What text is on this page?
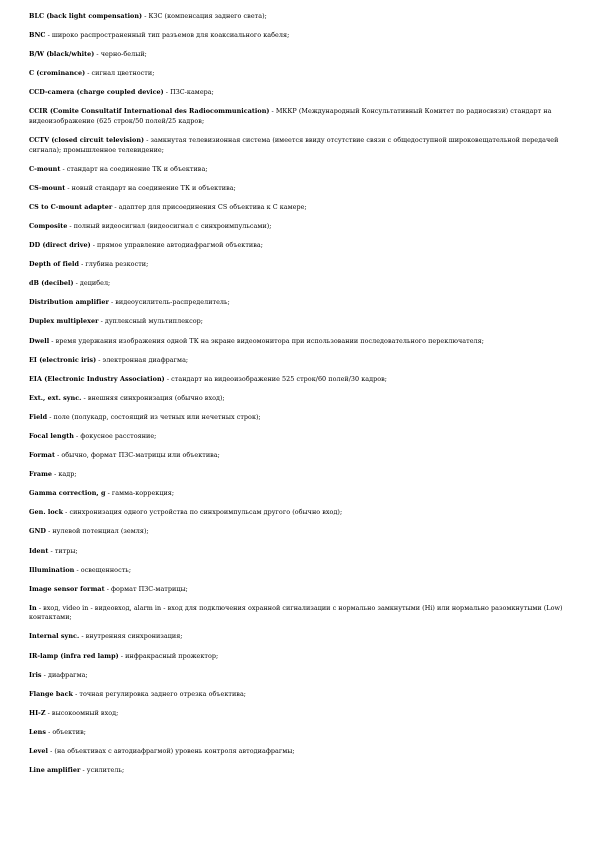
BLC (back light compensation) - КЗС (компенсация заднего света);

BNC - широко распространенный тип разъемов для коаксиального кабеля;

B/W (black/white) - черно-белый;

C (crominance) - сигнал цветности;

CCD-camera (charge coupled device) - ПЗС-камера;

CCIR (Comite Consultatif International des Radiocommunication) - МККР (Международный Консультативный Комитет по радиосвязи) стандарт на видеоизображение (625 строк/50 полей/25 кадров;

CCTV (closed circuit television) - замкнутая телевизионная система (имеется ввиду отсутствие связи с общедоступной широковещательной передачей сигнала); промышленное телевидение;

C-mount - стандарт на соединение ТК и объектива;

CS-mount - новый стандарт на соединение ТК и объектива;

CS to C-mount adapter - адаптер для присоединения CS объектива к С камере;

Composite - полный видеосигнал (видеосигнал с синхроимпульсами);

DD (direct drive) - прямое управление автодиафрагмой объектива;

Depth of field - глубина резкости;

dB (decibel) - децибел;

Distribution amplifier - видеоусилитель-распределитель;

Duplex multiplexer - дуплексный мультиплексор;

Dwell - время удержания изображения одной ТК на экране видеомонитора при использовании последовательного переключателя;

EI (electronic iris) - электронная диафрагма;

EIA (Electronic Industry Association) - стандарт на видеоизображение 525 строк/60 полей/30 кадров;

Ext., ext. sync. - внешняя синхронизация (обычно вход);

Field - поле (полукадр, состоящий из четных или нечетных строк);

Focal length - фокусное расстояние;

Format - обычно, формат ПЗС-матрицы или объектива;

Frame - кадр;

Gamma correction, g - гамма-коррекция;

Gen. lock - синхронизация одного устройства по синхроимпульсам другого (обычно вход);

GND - нулевой потенциал (земля);

Ident - титры;

Illumination - освещенность;

Image sensor format - формат ПЗС-матрицы;

In - вход, video in - видеовход, alarm in - вход для подключения охранной сигнализации с нормально замкнутыми (Hi) или нормально разомкнутыми (Low) контактами;

Internal sync. - внутренняя синхронизация;

IR-lamp (infra red lamp) - инфракрасный прожектор;

Iris - диафрагма;

Flange back - точная регулировка заднего отрезка объектива;

HI-Z - высокоомный вход;

Lens - объектив;

Level - (на объективах с автодиафрагмой) уровень контроля автодиафрагмы;

Line amplifier - усилитель;
